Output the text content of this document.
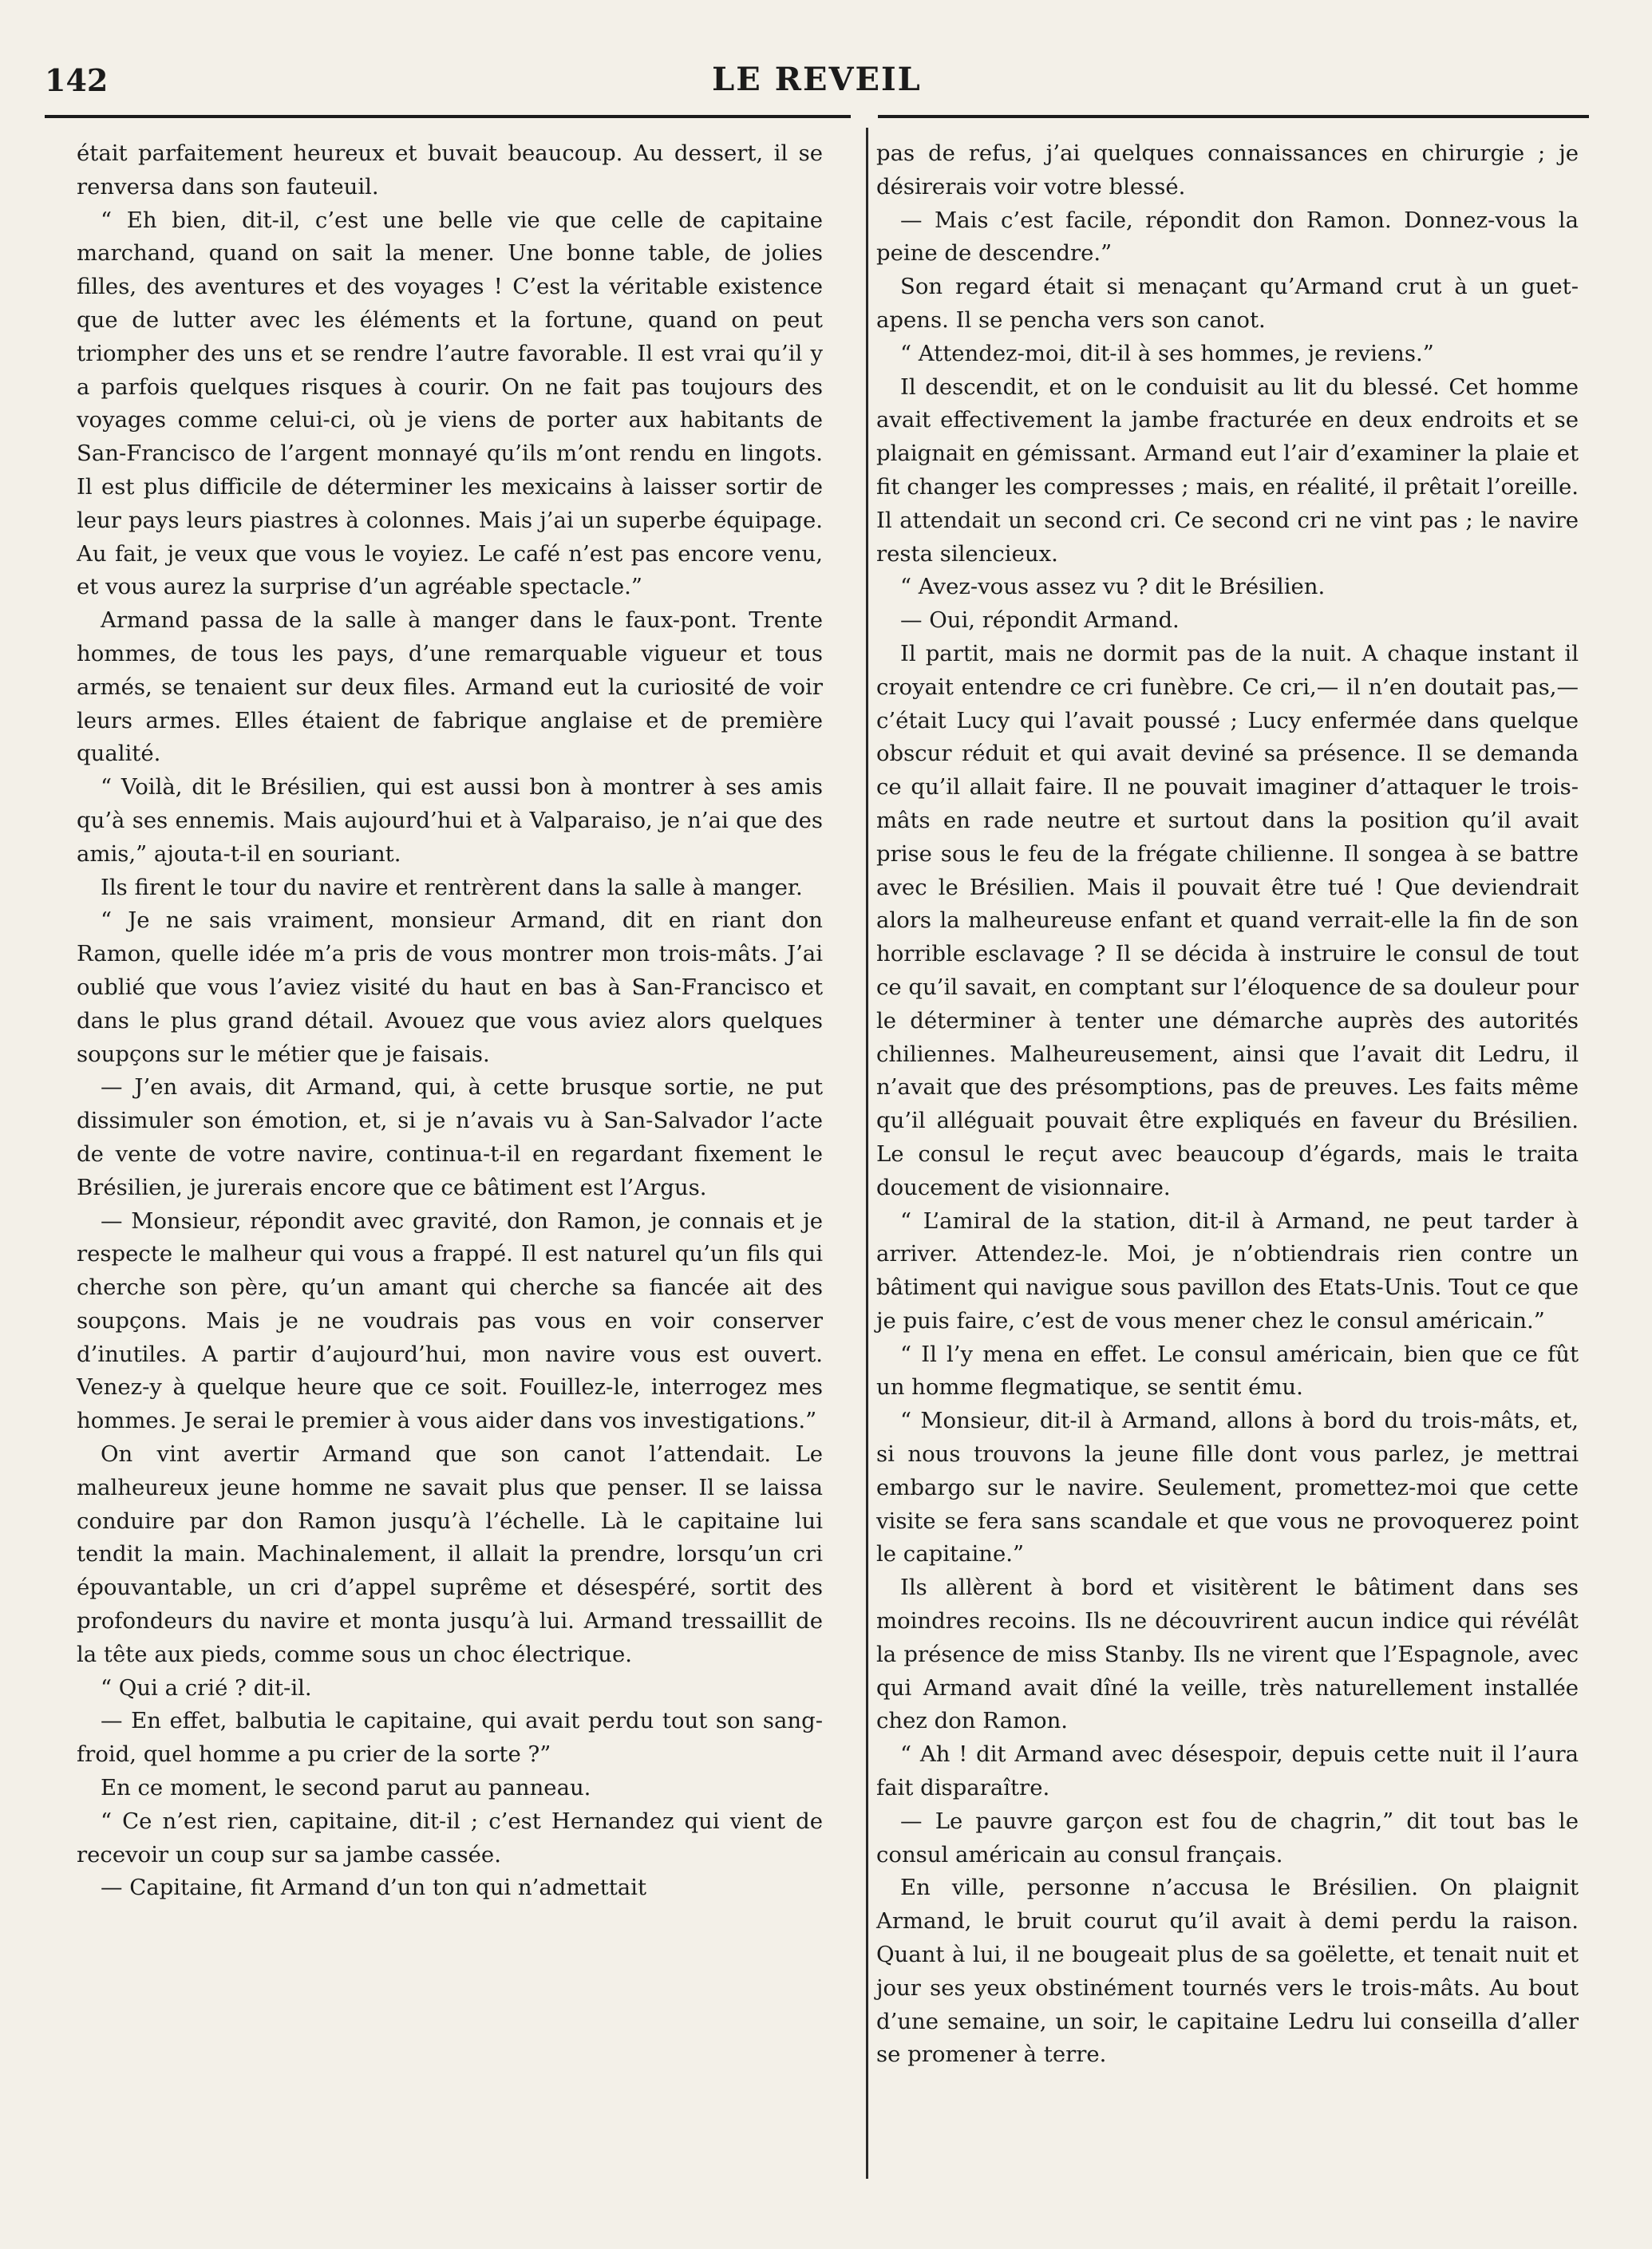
142	LE REVEIL

était parfaitement heureux et buvait beaucoup. Au dessert, il se renversa dans son fauteuil.

“ Eh bien, dit-il, c’est une belle vie que celle de capitaine marchand, quand on sait la mener. Une bonne table, de jolies filles, des aventures et des voyages ! C’est la véritable existence que de lutter avec les éléments et la fortune, quand on peut triompher des uns et se rendre l’autre favorable. Il est vrai qu’il y a parfois quelques risques à courir. On ne fait pas toujours des voyages comme celui-ci, où je viens de porter aux habitants de San-Francisco de l’argent monnayé qu’ils m’ont rendu en lingots. Il est plus difficile de déterminer les mexicains à laisser sortir de leur pays leurs piastres à colonnes. Mais j’ai un superbe équipage. Au fait, je veux que vous le voyiez. Le café n’est pas encore venu, et vous aurez la surprise d’un agréable spectacle.”

Armand passa de la salle à manger dans le faux-pont. Trente hommes, de tous les pays, d’une remarquable vigueur et tous armés, se tenaient sur deux files. Armand eut la curiosité de voir leurs armes. Elles étaient de fabrique anglaise et de première qualité.

“ Voilà, dit le Brésilien, qui est aussi bon à montrer à ses amis qu’à ses ennemis. Mais aujourd’hui et à Valparaiso, je n’ai que des amis,” ajouta-t-il en souriant.

Ils firent le tour du navire et rentrèrent dans la salle à manger.

“ Je ne sais vraiment, monsieur Armand, dit en riant don Ramon, quelle idée m’a pris de vous montrer mon trois-mâts. J’ai oublié que vous l’aviez visité du haut en bas à San-Francisco et dans le plus grand détail. Avouez que vous aviez alors quelques soupçons sur le métier que je faisais.

— J’en avais, dit Armand, qui, à cette brusque sortie, ne put dissimuler son émotion, et, si je n’avais vu à San-Salvador l’acte de vente de votre navire, continua-t-il en regardant fixement le Brésilien, je jurerais encore que ce bâtiment est l’Argus.

— Monsieur, répondit avec gravité, don Ramon, je connais et je respecte le malheur qui vous a frappé. Il est naturel qu’un fils qui cherche son père, qu’un amant qui cherche sa fiancée ait des soupçons. Mais je ne voudrais pas vous en voir conserver d’inutiles. A partir d’aujourd’hui, mon navire vous est ouvert. Venez-y à quelque heure que ce soit. Fouillez-le, interrogez mes hommes. Je serai le premier à vous aider dans vos investigations.”

On vint avertir Armand que son canot l’attendait. Le malheureux jeune homme ne savait plus que penser. Il se laissa conduire par don Ramon jusqu’à l’échelle. Là le capitaine lui tendit la main. Machinalement, il allait la prendre, lorsqu’un cri épouvantable, un cri d’appel suprême et désespéré, sortit des profondeurs du navire et monta jusqu’à lui. Armand tressaillit de la tête aux pieds, comme sous un choc électrique.

“ Qui a crié ? dit-il.

— En effet, balbutia le capitaine, qui avait perdu tout son sang-froid, quel homme a pu crier de la sorte ?”

En ce moment, le second parut au panneau.

“ Ce n’est rien, capitaine, dit-il ; c’est Hernandez qui vient de recevoir un coup sur sa jambe cassée.

— Capitaine, fit Armand d’un ton qui n’admettait

pas de refus, j’ai quelques connaissances en chirurgie ; je désirerais voir votre blessé.

— Mais c’est facile, répondit don Ramon. Donnez-vous la peine de descendre.”

Son regard était si menaçant qu’Armand crut à un guet-apens. Il se pencha vers son canot.

“ Attendez-moi, dit-il à ses hommes, je reviens.”

Il descendit, et on le conduisit au lit du blessé. Cet homme avait effectivement la jambe fracturée en deux endroits et se plaignait en gémissant. Armand eut l’air d’examiner la plaie et fit changer les compresses ; mais, en réalité, il prêtait l’oreille. Il attendait un second cri. Ce second cri ne vint pas ; le navire resta silencieux.

“ Avez-vous assez vu ? dit le Brésilien.

— Oui, répondit Armand.

Il partit, mais ne dormit pas de la nuit. A chaque instant il croyait entendre ce cri funèbre. Ce cri,— il n’en doutait pas,— c’était Lucy qui l’avait poussé ; Lucy enfermée dans quelque obscur réduit et qui avait deviné sa présence. Il se demanda ce qu’il allait faire. Il ne pouvait imaginer d’attaquer le trois-mâts en rade neutre et surtout dans la position qu’il avait prise sous le feu de la frégate chilienne. Il songea à se battre avec le Brésilien. Mais il pouvait être tué ! Que deviendrait alors la malheureuse enfant et quand verrait-elle la fin de son horrible esclavage ? Il se décida à instruire le consul de tout ce qu’il savait, en comptant sur l’éloquence de sa douleur pour le déterminer à tenter une démarche auprès des autorités chiliennes. Malheureusement, ainsi que l’avait dit Ledru, il n’avait que des présomptions, pas de preuves. Les faits même qu’il alléguait pouvait être expliqués en faveur du Brésilien. Le consul le reçut avec beaucoup d’égards, mais le traita doucement de visionnaire.

“ L’amiral de la station, dit-il à Armand, ne peut tarder à arriver. Attendez-le. Moi, je n’obtiendrais rien contre un bâtiment qui navigue sous pavillon des Etats-Unis. Tout ce que je puis faire, c’est de vous mener chez le consul américain.”

“ Il l’y mena en effet. Le consul américain, bien que ce fût un homme flegmatique, se sentit ému.

“ Monsieur, dit-il à Armand, allons à bord du trois-mâts, et, si nous trouvons la jeune fille dont vous parlez, je mettrai embargo sur le navire. Seulement, promettez-moi que cette visite se fera sans scandale et que vous ne provoquerez point le capitaine.”

Ils allèrent à bord et visitèrent le bâtiment dans ses moindres recoins. Ils ne découvrirent aucun indice qui révélât la présence de miss Stanby. Ils ne virent que l’Espagnole, avec qui Armand avait dîné la veille, très naturellement installée chez don Ramon.

“ Ah ! dit Armand avec désespoir, depuis cette nuit il l’aura fait disparaître.

— Le pauvre garçon est fou de chagrin,” dit tout bas le consul américain au consul français.

En ville, personne n’accusa le Brésilien. On plaignit Armand, le bruit courut qu’il avait à demi perdu la raison. Quant à lui, il ne bougeait plus de sa goëlette, et tenait nuit et jour ses yeux obstinément tournés vers le trois-mâts. Au bout d’une semaine, un soir, le capitaine Ledru lui conseilla d’aller se promener à terre.
